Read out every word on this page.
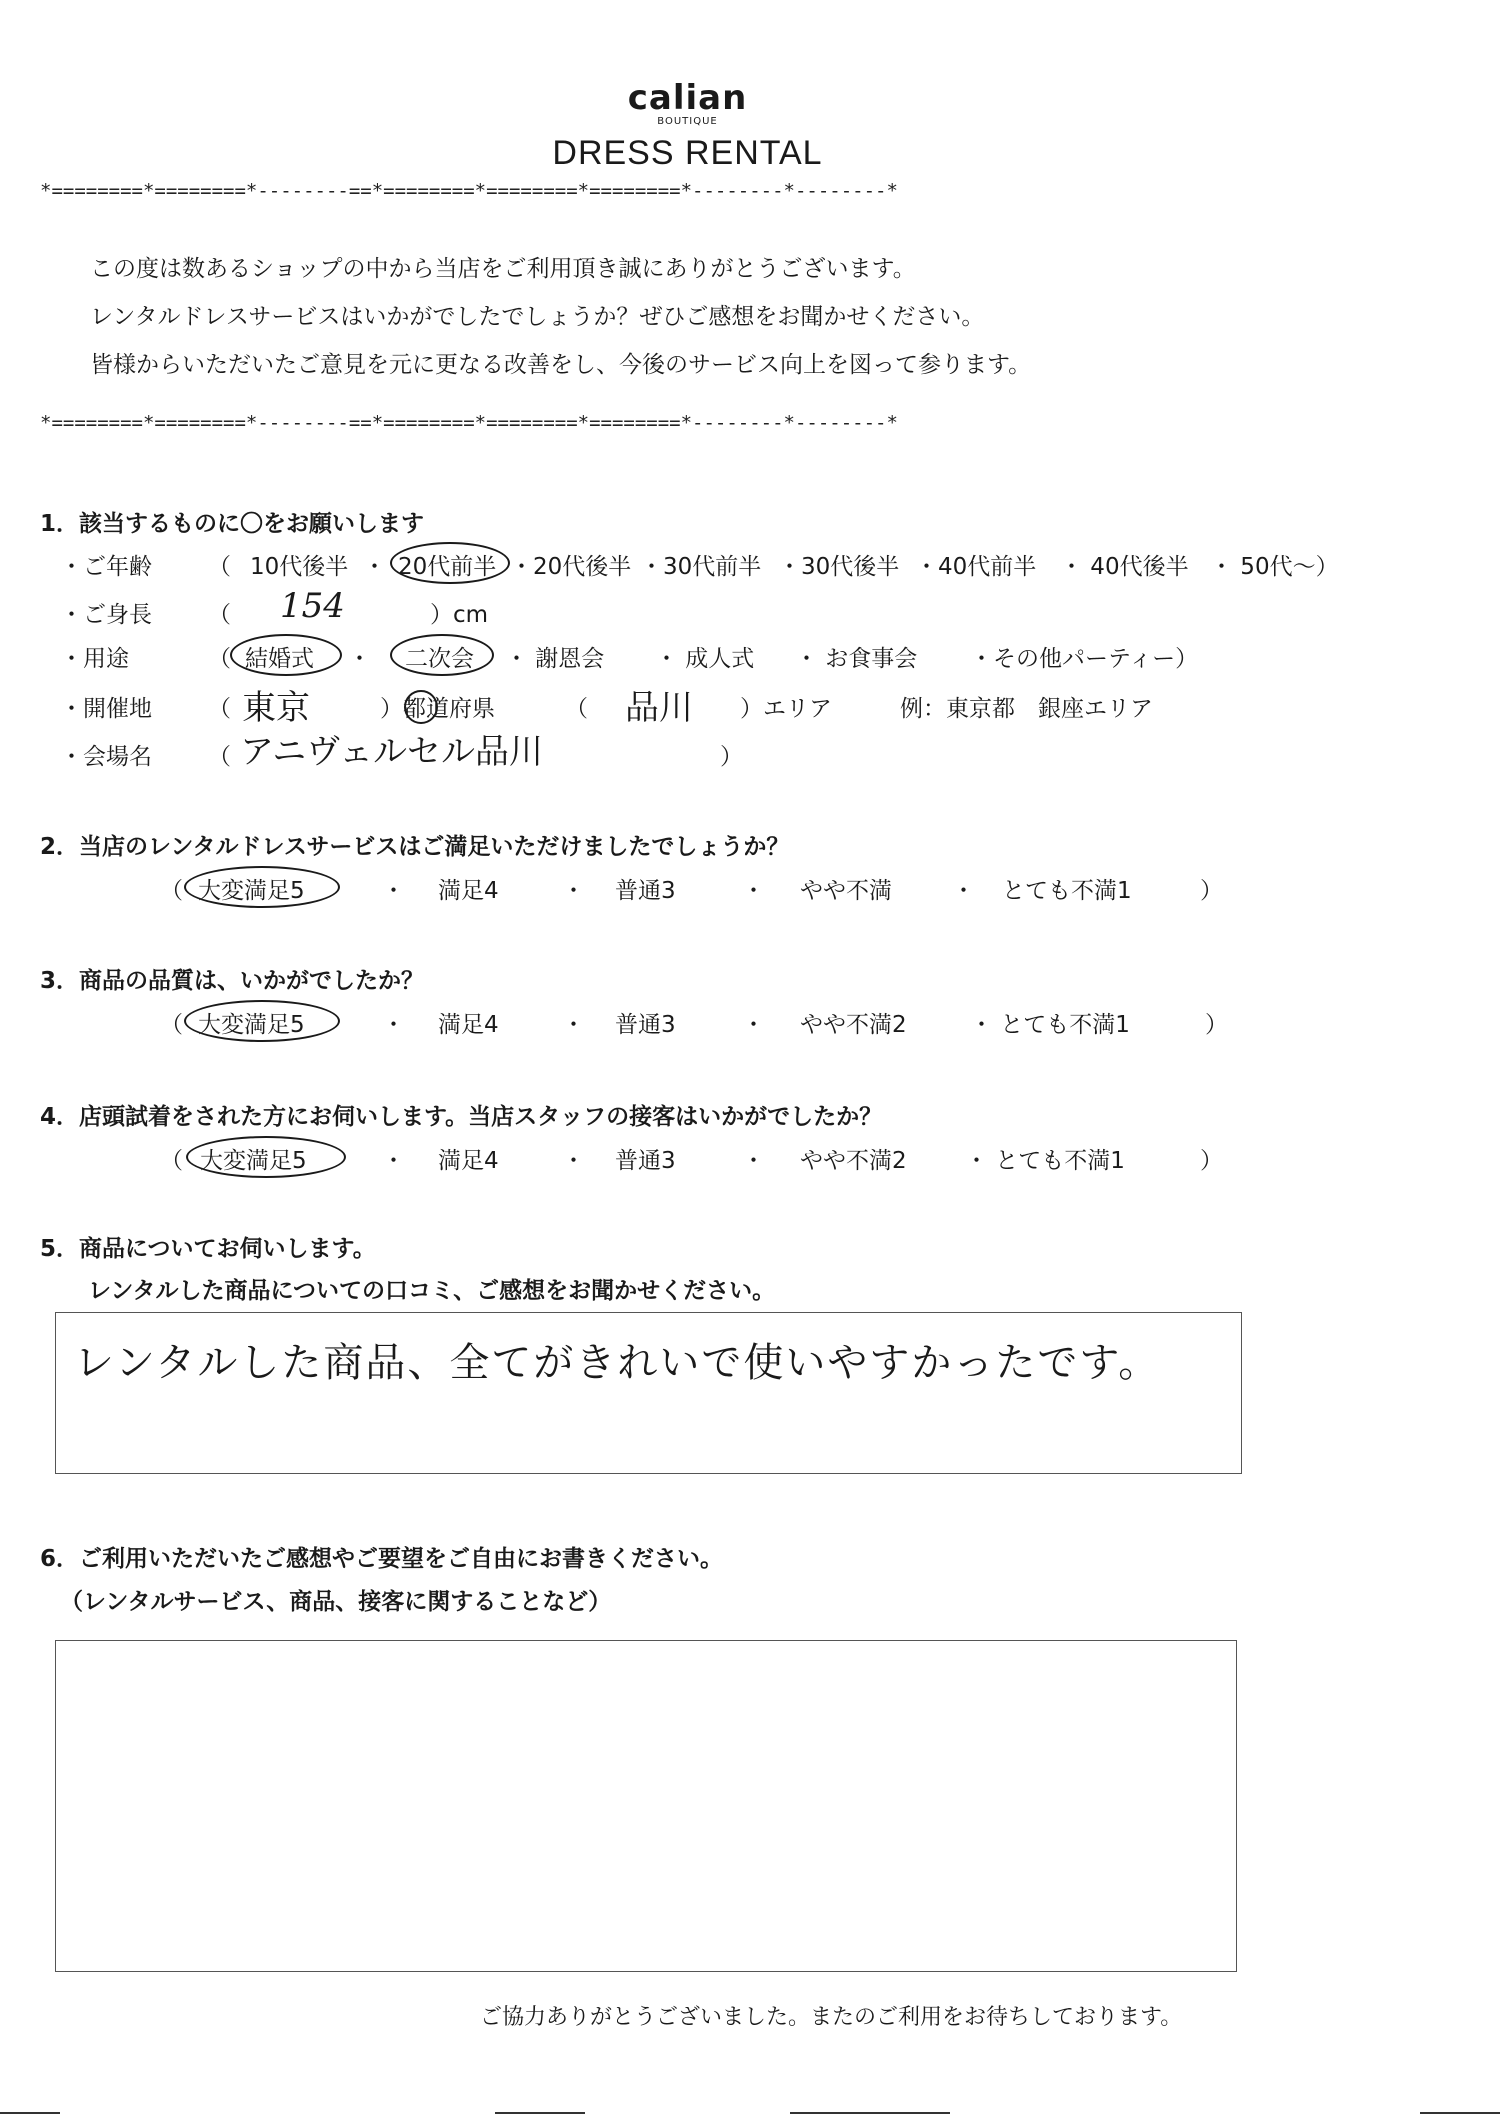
calian
BOUTIQUE
DRESS RENTAL
*========*========*--------==*========*========*========*--------*--------*
この度は数あるショップの中から当店をご利用頂き誠にありがとうございます。
レンタルドレスサービスはいかがでしたでしょうか？ぜひご感想をお聞かせください。
皆様からいただいたご意見を元に更なる改善をし、今後のサービス向上を図って参ります。
*========*========*--------==*========*========*========*--------*--------*
1．該当するものに〇をお願いします
・ご年齢 （ 10代後半 ・ 20代前半 ・20代後半 ・30代前半 ・30代後半 ・40代前半 ・ 40代後半 ・ 50代～）
・ご身長 （ 154	）cm
・用途	（ 結婚式 ・ 二次会 ・ 謝恩会 ・ 成人式 ・ お食事会 ・その他パーティー）
・開催地 （ 東京	）都道府県	（ 品川 ）エリア	例：東京都　銀座エリア
・会場名 （ アニヴェルセル品川	）
2．当店のレンタルドレスサービスはご満足いただけましたでしょうか？
（ 大変満足5	・ 満足4	・ 普通3	・ やや不満	・ とても不満1	）
3．商品の品質は、いかがでしたか？
（ 大変満足5	・ 満足4	・ 普通3	・ やや不満2	・ とても不満1	）
4．店頭試着をされた方にお伺いします。当店スタッフの接客はいかがでしたか？
（ 大変満足5	・ 満足4	・ 普通3	・ やや不満2	・ とても不満1	）
5．商品についてお伺いします。
レンタルした商品についての口コミ、ご感想をお聞かせください。
レンタルした商品、全てがきれいで使いやすかったです。
6．ご利用いただいたご感想やご要望をご自由にお書きください。
（レンタルサービス、商品、接客に関することなど）
ご協力ありがとうございました。またのご利用をお待ちしております。
